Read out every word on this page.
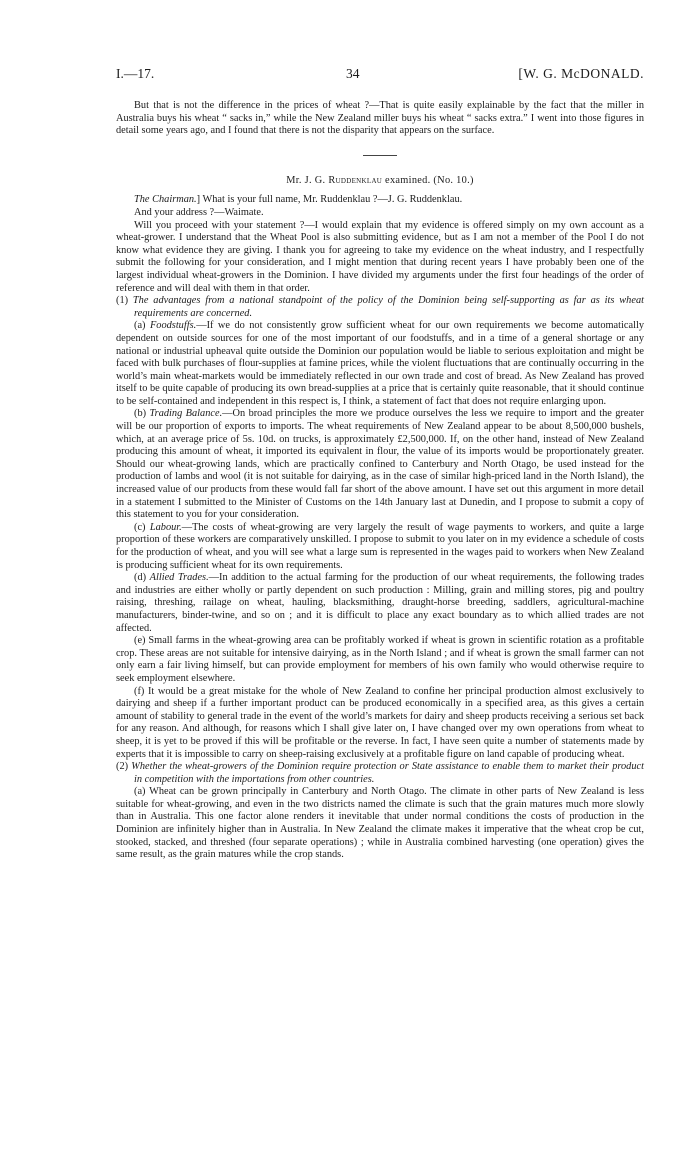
I.—17.	34	[W. G. McDONALD.

But that is not the difference in the prices of wheat ?—That is quite easily explainable by the fact that the miller in Australia buys his wheat “ sacks in,” while the New Zealand miller buys his wheat “ sacks extra.” I went into those figures in detail some years ago, and I found that there is not the disparity that appears on the surface.

Mr. J. G. Ruddenklau examined. (No. 10.)

The Chairman.] What is your full name, Mr. Ruddenklau ?—J. G. Ruddenklau.

And your address ?—Waimate.

Will you proceed with your statement ?—I would explain that my evidence is offered simply on my own account as a wheat-grower. I understand that the Wheat Pool is also submitting evidence, but as I am not a member of the Pool I do not know what evidence they are giving. I thank you for agreeing to take my evidence on the wheat industry, and I respectfully submit the following for your consideration, and I might mention that during recent years I have probably been one of the largest individual wheat-growers in the Dominion. I have divided my arguments under the first four headings of the order of reference and will deal with them in that order.

(1) The advantages from a national standpoint of the policy of the Dominion being self-supporting as far as its wheat requirements are concerned.

(a) Foodstuffs.—If we do not consistently grow sufficient wheat for our own requirements we become automatically dependent on outside sources for one of the most important of our foodstuffs, and in a time of a general shortage or any national or industrial upheaval quite outside the Dominion our population would be liable to serious exploitation and might be faced with bulk purchases of flour-supplies at famine prices, while the violent fluctuations that are continually occurring in the world’s main wheat-markets would be immediately reflected in our own trade and cost of bread. As New Zealand has proved itself to be quite capable of producing its own bread-supplies at a price that is certainly quite reasonable, that it should continue to be self-contained and independent in this respect is, I think, a statement of fact that does not require enlarging upon.

(b) Trading Balance.—On broad principles the more we produce ourselves the less we require to import and the greater will be our proportion of exports to imports. The wheat requirements of New Zealand appear to be about 8,500,000 bushels, which, at an average price of 5s. 10d. on trucks, is approximately £2,500,000. If, on the other hand, instead of New Zealand producing this amount of wheat, it imported its equivalent in flour, the value of its imports would be proportionately greater. Should our wheat-growing lands, which are practically confined to Canterbury and North Otago, be used instead for the production of lambs and wool (it is not suitable for dairying, as in the case of similar high-priced land in the North Island), the increased value of our products from these would fall far short of the above amount. I have set out this argument in more detail in a statement I submitted to the Minister of Customs on the 14th January last at Dunedin, and I propose to submit a copy of this statement to you for your consideration.

(c) Labour.—The costs of wheat-growing are very largely the result of wage payments to workers, and quite a large proportion of these workers are comparatively unskilled. I propose to submit to you later on in my evidence a schedule of costs for the production of wheat, and you will see what a large sum is represented in the wages paid to workers when New Zealand is producing sufficient wheat for its own requirements.

(d) Allied Trades.—In addition to the actual farming for the production of our wheat requirements, the following trades and industries are either wholly or partly dependent on such production : Milling, grain and milling stores, pig and poultry raising, threshing, railage on wheat, hauling, blacksmithing, draught-horse breeding, saddlers, agricultural-machine manufacturers, binder-twine, and so on ; and it is difficult to place any exact boundary as to which allied trades are not affected.

(e) Small farms in the wheat-growing area can be profitably worked if wheat is grown in scientific rotation as a profitable crop. These areas are not suitable for intensive dairying, as in the North Island ; and if wheat is grown the small farmer can not only earn a fair living himself, but can provide employment for members of his own family who would otherwise require to seek employment elsewhere.

(f) It would be a great mistake for the whole of New Zealand to confine her principal production almost exclusively to dairying and sheep if a further important product can be produced economically in a specified area, as this gives a certain amount of stability to general trade in the event of the world’s markets for dairy and sheep products receiving a serious set back for any reason. And although, for reasons which I shall give later on, I have changed over my own operations from wheat to sheep, it is yet to be proved if this will be profitable or the reverse. In fact, I have seen quite a number of statements made by experts that it is impossible to carry on sheep-raising exclusively at a profitable figure on land capable of producing wheat.

(2) Whether the wheat-growers of the Dominion require protection or State assistance to enable them to market their product in competition with the importations from other countries.

(a) Wheat can be grown principally in Canterbury and North Otago. The climate in other parts of New Zealand is less suitable for wheat-growing, and even in the two districts named the climate is such that the grain matures much more slowly than in Australia. This one factor alone renders it inevitable that under normal conditions the costs of production in the Dominion are infinitely higher than in Australia. In New Zealand the climate makes it imperative that the wheat crop be cut, stooked, stacked, and threshed (four separate operations) ; while in Australia combined harvesting (one operation) gives the same result, as the grain matures while the crop stands.
